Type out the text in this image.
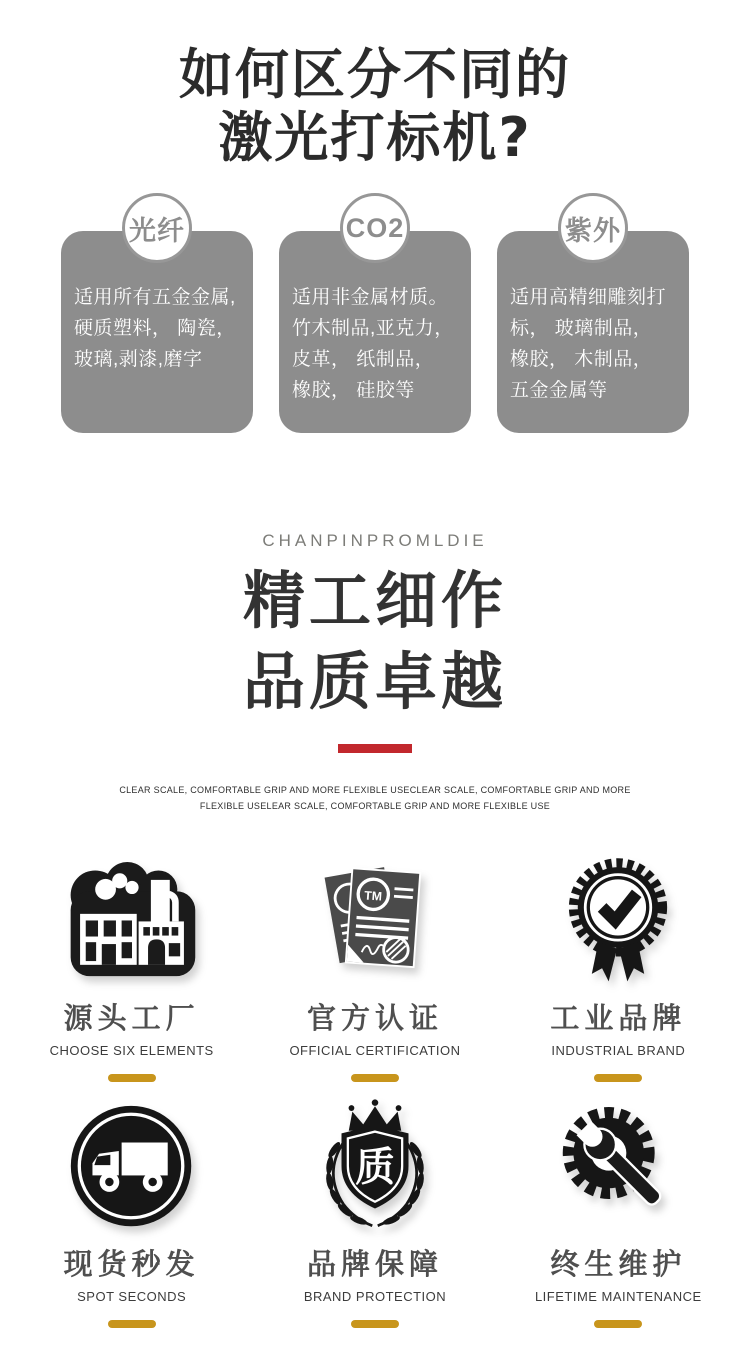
如何区分不同的
激光打标机?
光纤

适用所有五金金属,硬质塑料， 陶瓷，玻璃,剥漆,磨字

CO2

适用非金属材质。竹木制品,亚克力，皮革， 纸制品， 橡胶， 硅胶等

紫外

适用高精细雕刻打标， 玻璃制品， 橡胶， 木制品， 五金金属等

CHANPINPROMLDIE
精工细作
品质卓越
CLEAR SCALE, COMFORTABLE GRIP AND MORE FLEXIBLE USECLEAR SCALE, COMFORTABLE GRIP AND MORE
FLEXIBLE USELEAR SCALE, COMFORTABLE GRIP AND MORE FLEXIBLE USE
源头工厂
CHOOSE SIX ELEMENTS
TM
官方认证
OFFICIAL CERTIFICATION
工业品牌
INDUSTRIAL BRAND
现货秒发
SPOT SECONDS
质
品牌保障
BRAND PROTECTION
终生维护
LIFETIME MAINTENANCE
